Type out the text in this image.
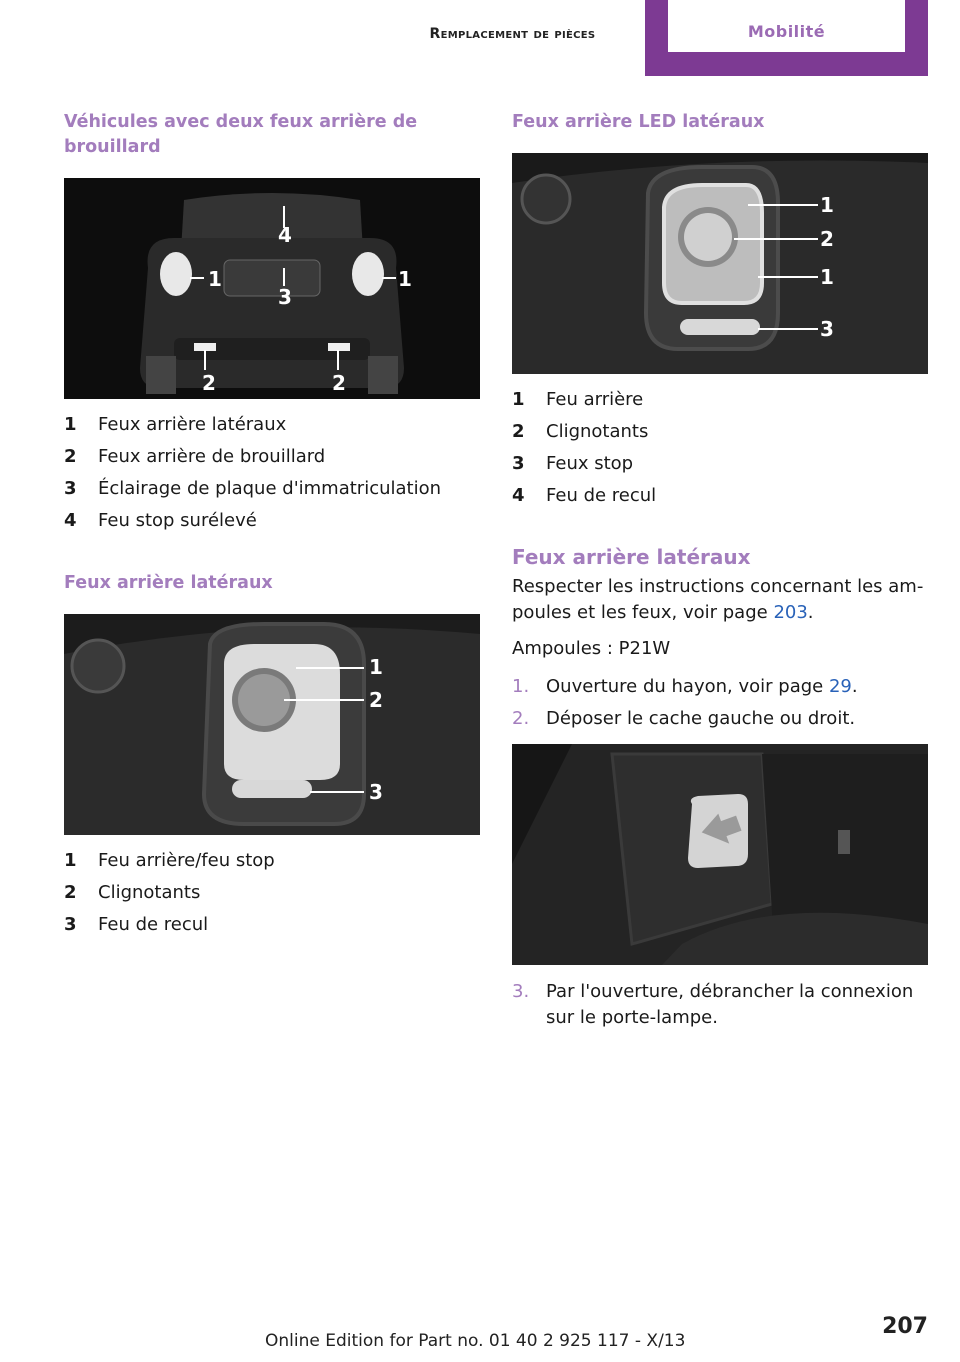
Remplacement de pièces	Mobilité
Véhicules avec deux feux arrière de brouillard
4
1	1
3
2	2
1	Feux arrière latéraux
2	Feux arrière de brouillard
3	Éclairage de plaque d'immatriculation
4	Feu stop surélevé
Feux arrière latéraux
1
2
3
1	Feu arrière/feu stop
2	Clignotants
3	Feu de recul
Feux arrière LED latéraux
1
2
1
3
1	Feu arrière
2	Clignotants
3	Feux stop
4	Feu de recul
Feux arrière latéraux

Respecter les instructions concernant les ampoules et les feux, voir page 203.

Ampoules : P21W

1. Ouverture du hayon, voir page 29.
2. Déposer le cache gauche ou droit.
3. Par l'ouverture, débrancher la connexion sur le porte-lampe.
207
Online Edition for Part no. 01 40 2 925 117 - X/13
